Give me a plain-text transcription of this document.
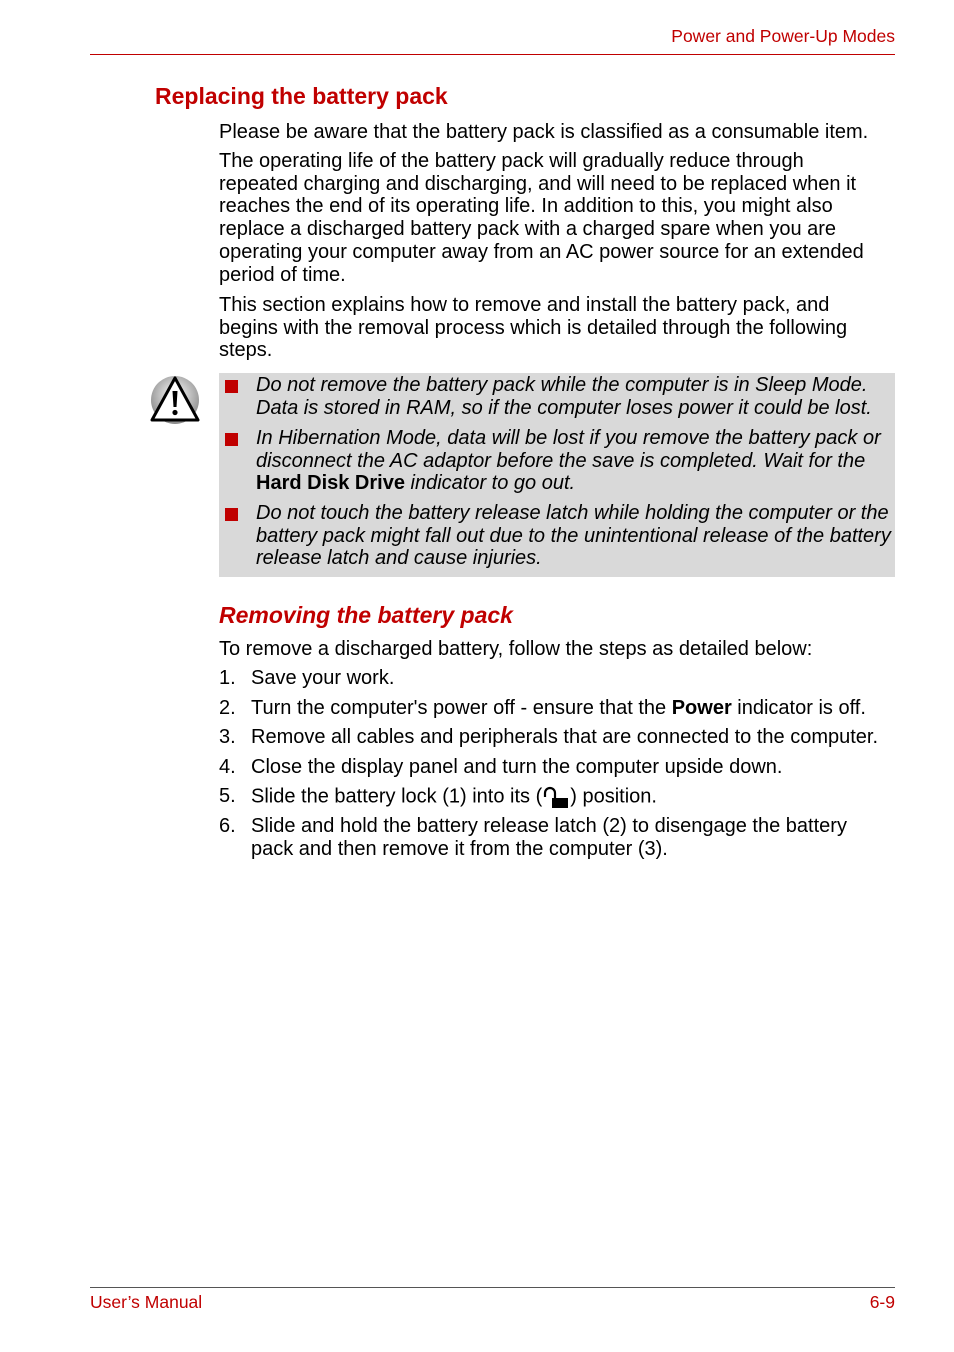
Power and Power-Up Modes
Replacing the battery pack
Please be aware that the battery pack is classified as a consumable item.
The operating life of the battery pack will gradually reduce through repeated charging and discharging, and will need to be replaced when it reaches the end of its operating life. In addition to this, you might also replace a discharged battery pack with a charged spare when you are operating your computer away from an AC power source for an extended period of time.
This section explains how to remove and install the battery pack, and begins with the removal process which is detailed through the following steps.
Do not remove the battery pack while the computer is in Sleep Mode. Data is stored in RAM, so if the computer loses power it could be lost.
In Hibernation Mode, data will be lost if you remove the battery pack or disconnect the AC adaptor before the save is completed. Wait for the Hard Disk Drive indicator to go out.
Do not touch the battery release latch while holding the computer or the battery pack might fall out due to the unintentional release of the battery release latch and cause injuries.
Removing the battery pack
To remove a discharged battery, follow the steps as detailed below:
1. Save your work.
2. Turn the computer's power off - ensure that the Power indicator is off.
3. Remove all cables and peripherals that are connected to the computer.
4. Close the display panel and turn the computer upside down.
5. Slide the battery lock (1) into its ( ) position.
6. Slide and hold the battery release latch (2) to disengage the battery pack and then remove it from the computer (3).
User’s Manual	6-9
